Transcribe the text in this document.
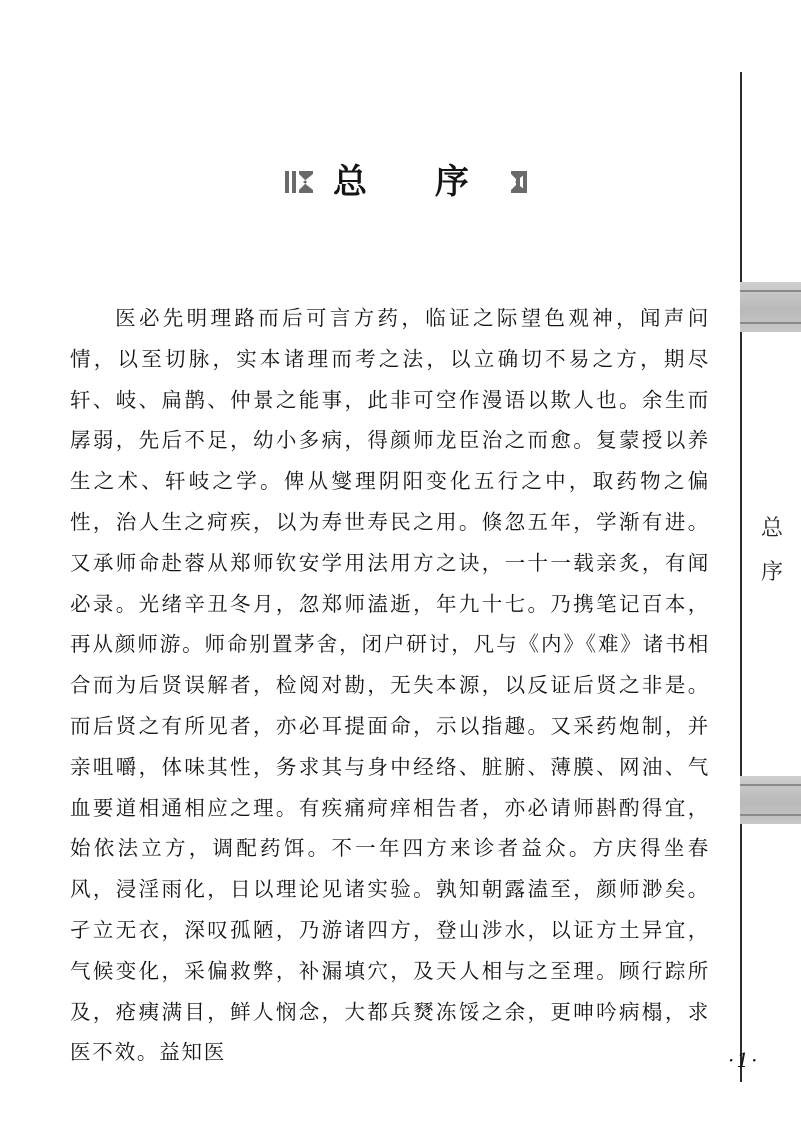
总
序
总 序

医必先明理路而后可言方药，临证之际望色观神，闻声问情，以至切脉，实本诸理而考之法，以立确切不易之方，期尽轩、岐、扁鹊、仲景之能事，此非可空作漫语以欺人也。余生而孱弱，先后不足，幼小多病，得颜师龙臣治之而愈。复蒙授以养生之术、轩岐之学。俾从燮理阴阳变化五行之中，取药物之偏性，治人生之疴疾，以为寿世寿民之用。倏忽五年，学渐有进。又承师命赴蓉从郑师钦安学用法用方之诀，一十一载亲炙，有闻必录。光绪辛丑冬月，忽郑师溘逝，年九十七。乃携笔记百本，再从颜师游。师命别置茅舍，闭户研讨，凡与《内》《难》诸书相合而为后贤误解者，检阅对勘，无失本源，以反证后贤之非是。而后贤之有所见者，亦必耳提面命，示以指趣。又采药炮制，并亲咀嚼，体味其性，务求其与身中经络、脏腑、薄膜、网油、气血要道相通相应之理。有疾痛疴痒相告者，亦必请师斟酌得宜，始依法立方，调配药饵。不一年四方来诊者益众。方庆得坐春风，浸淫雨化，日以理论见诸实验。孰知朝露溘至，颜师渺矣。孑立无衣，深叹孤陋，乃游诸四方，登山涉水，以证方土异宜，气候变化，采偏救弊，补漏填穴，及天人相与之至理。顾行踪所及，疮痍满目，鲜人悯念，大都兵燹冻馁之余，更呻吟病榻，求医不效。益知医	·1·
